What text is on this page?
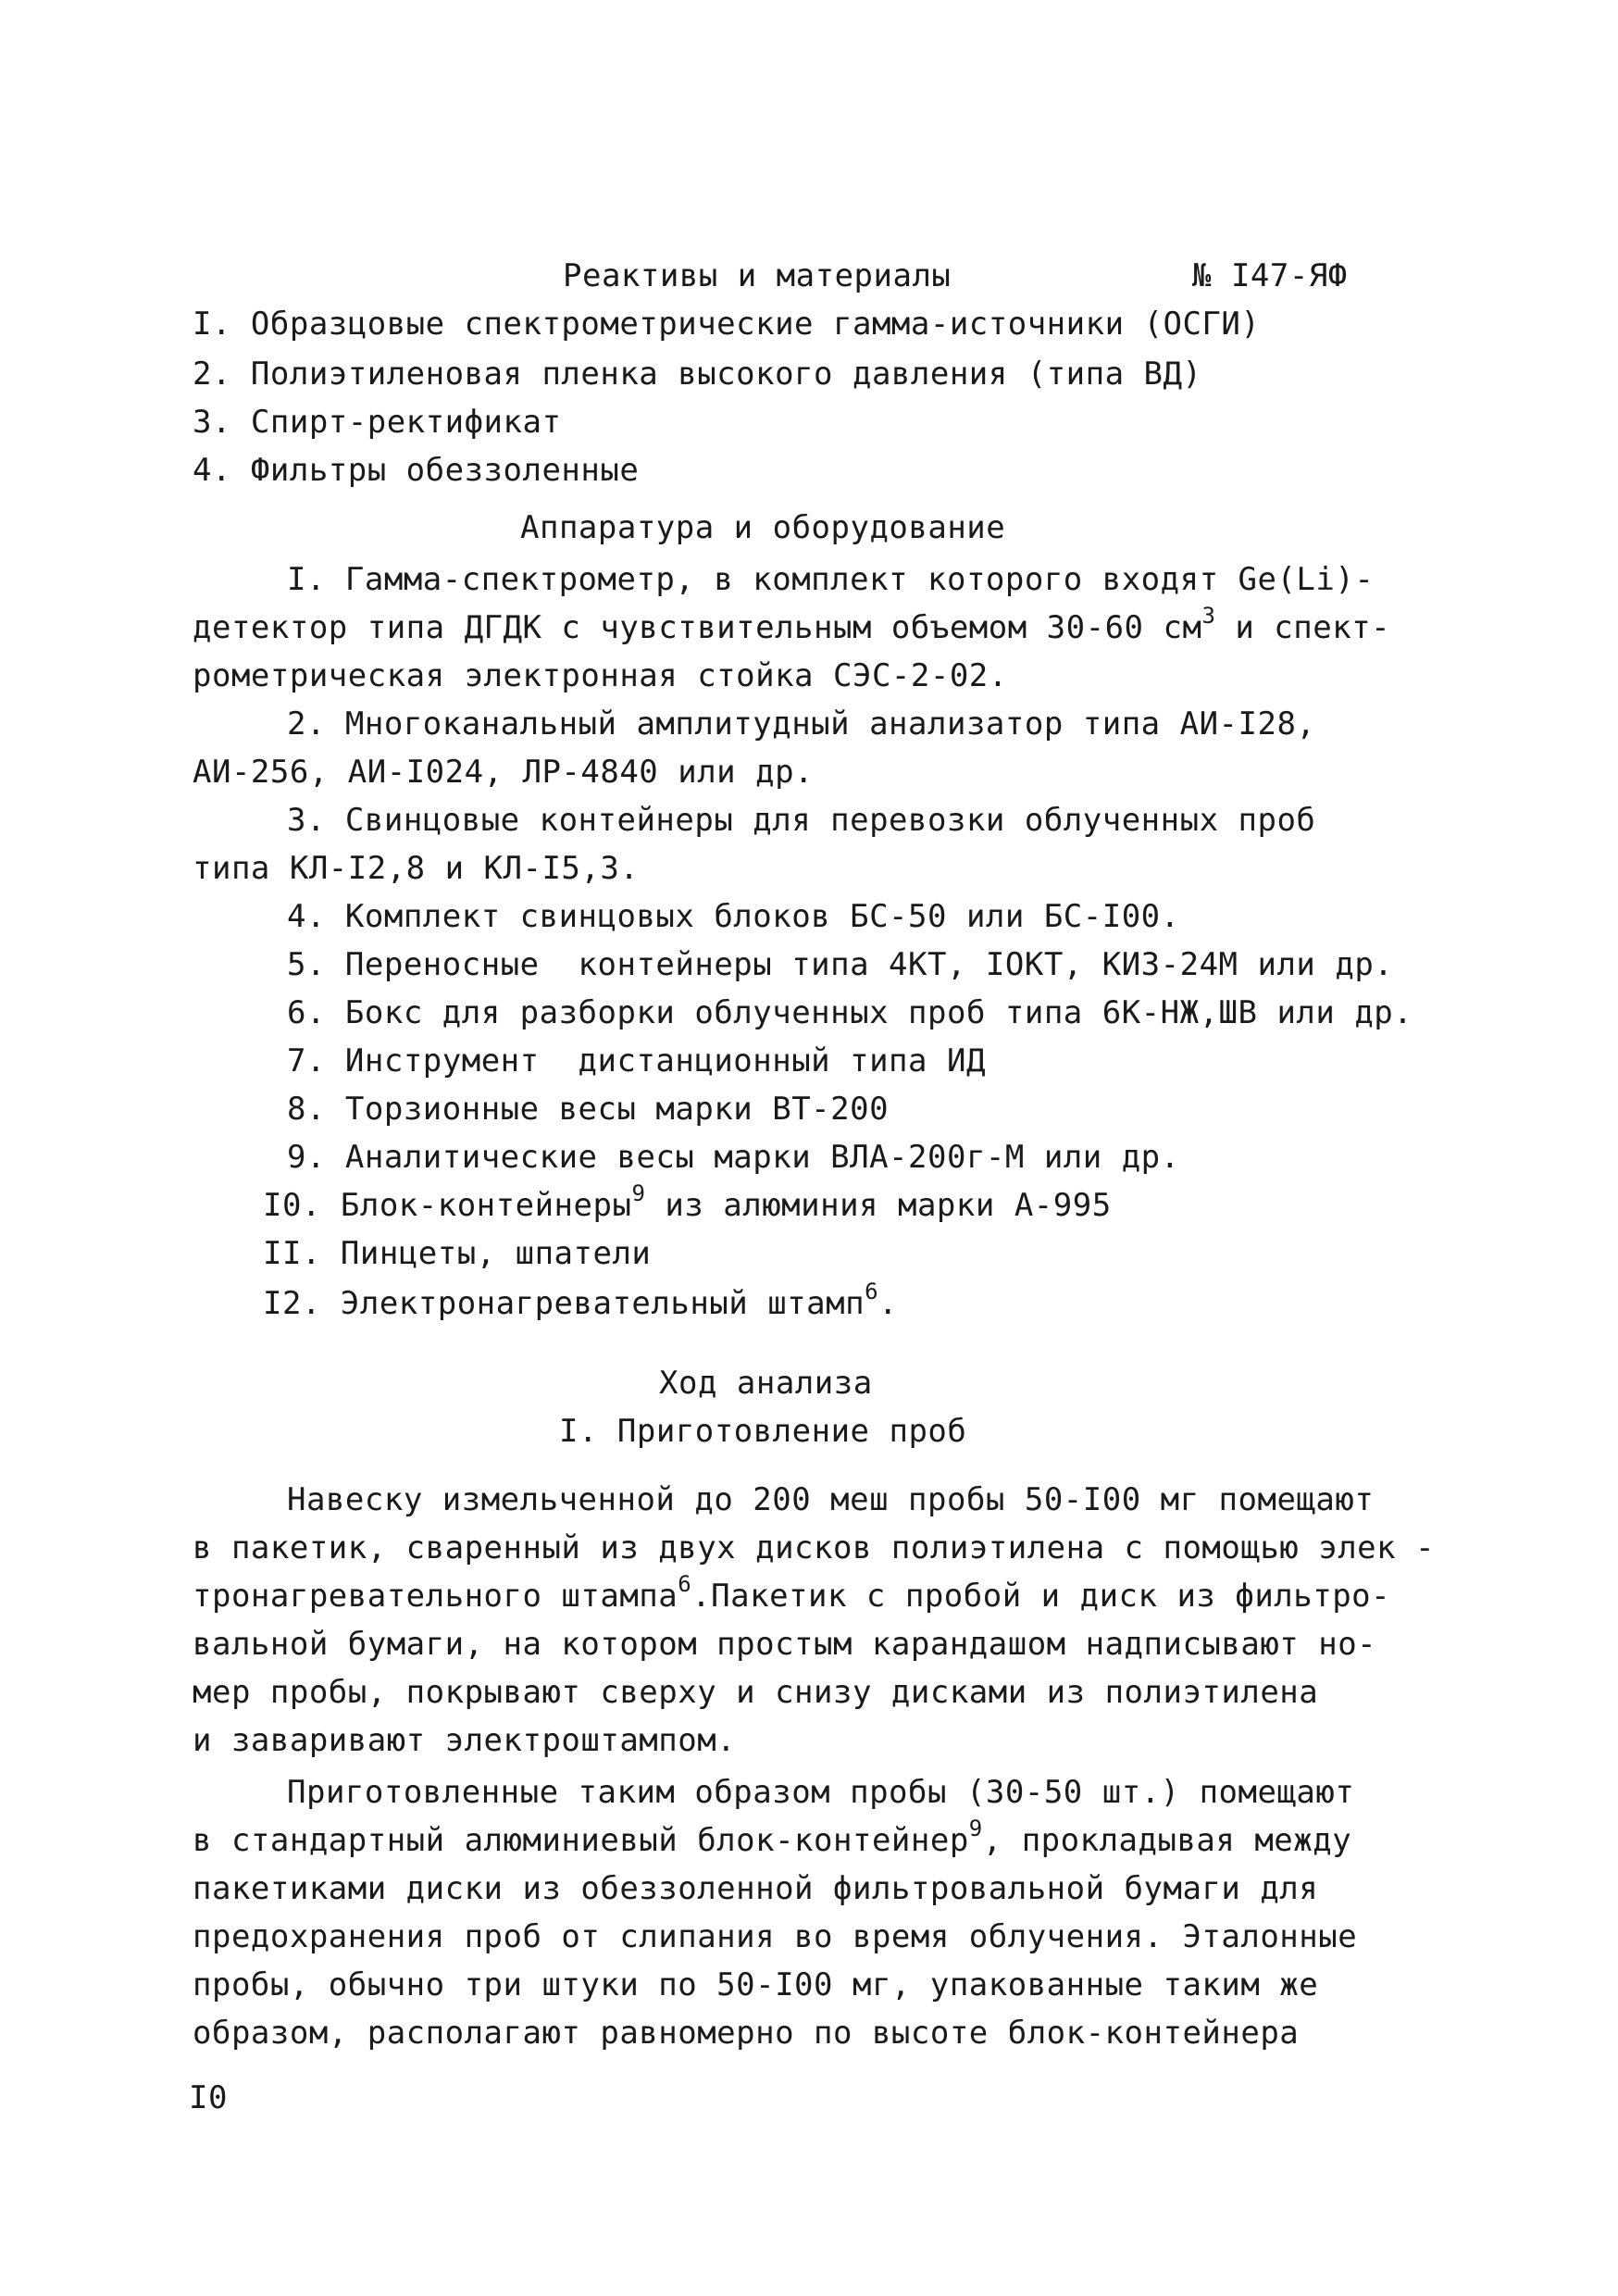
Реактивы и материалы	№ I47-ЯФ
I. Образцовые спектрометрические гамма-источники (ОСГИ)
2. Полиэтиленовая пленка высокого давления (типа ВД)
3. Спирт-ректификат
4. Фильтры обеззоленные
Аппаратура и оборудование
I. Гамма-спектрометр, в комплект которого входят Ge(Li)-
детектор типа ДГДК с чувствительным объемом 30-60 $см^3$ и спект-
рометрическая электронная стойка СЭС-2-02.
2. Многоканальный амплитудный анализатор типа АИ-I28,
АИ-256, АИ-I024, ЛР-4840 или др.
3. Свинцовые контейнеры для перевозки облученных проб
типа КЛ-I2,8 и КЛ-I5,3.
4. Комплект свинцовых блоков БС-50 или БС-I00.
5. Переносные  контейнеры типа 4КТ, IОКТ, КИЗ-24М или др.
6. Бокс для разборки облученных проб типа 6К-НЖ,ШВ или др.
7. Инструмент  дистанционный типа ИД
8. Торзионные весы марки ВТ-200
9. Аналитические весы марки ВЛА-200г-М или др.
I0. Блок-контейнеры$^9$ из алюминия марки А-995
II. Пинцеты, шпатели
I2. Электронагревательный штамп$^6$.
Ход анализа
I. Приготовление проб
Навеску измельченной до 200 меш пробы 50-I00 мг помещают
в пакетик, сваренный из двух дисков полиэтилена с помощью элек -
тронагревательного штампа$^6$.Пакетик с пробой и диск из фильтро-
вальной бумаги, на котором простым карандашом надписывают но-
мер пробы, покрывают сверху и снизу дисками из полиэтилена
и заваривают электроштампом.
Приготовленные таким образом пробы (30-50 шт.) помещают
в стандартный алюминиевый блок-контейнер$^9$, прокладывая между
пакетиками диски из обеззоленной фильтровальной бумаги для
предохранения проб от слипания во время облучения. Эталонные
пробы, обычно три штуки по 50-I00 мг, упакованные таким же
образом, располагают равномерно по высоте блок-контейнера
I0
